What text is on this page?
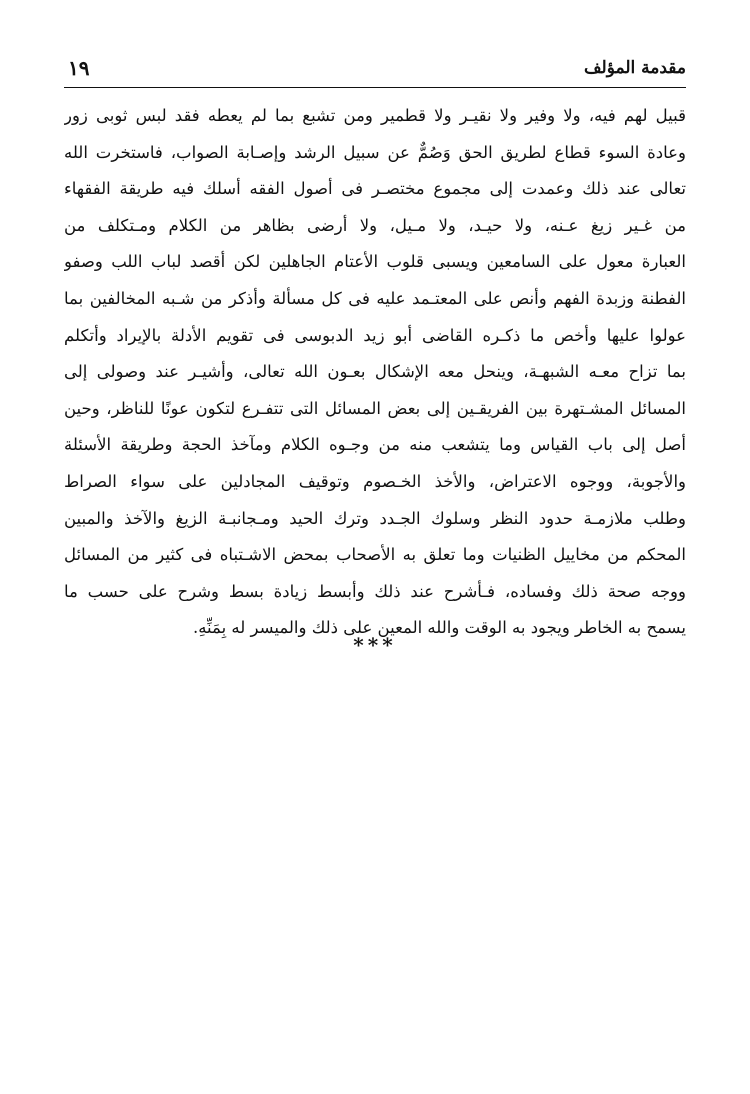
مقدمة المؤلف
١٩
قبيل لهم فيه، ولا وفير ولا نقيـر ولا قطمير ومن تشبع بما لم يعطه فقد لبس ثوبى زور
وعادة السوء قطاع لطريق الحق وَصُمٌّ عن سبيل الرشد وإصـابة الصواب، فاستخرت الله
تعالى عند ذلك وعمدت إلى مجموع مختصـر فى أصول الفقه أسلك فيه طريقة الفقهاء
من غـير زيغ عـنه، ولا حيـد، ولا مـيل، ولا أرضى بظاهر من الكلام ومـتكلف من
العبارة معول على السامعين ويسبى قلوب الأعتام الجاهلين لكن أقصد لباب اللب وصفو
الفطنة وزبدة الفهم وأنص على المعتـمد عليه فى كل مسألة وأذكر من شـبه المخالفين بما
عولوا عليها وأخص ما ذكـره القاضى أبو زيد الدبوسى فى تقويم الأدلة بالإيراد وأتكلم
بما تزاح معـه الشبهـة، وينحل معه الإشكال بعـون الله تعالى، وأشيـر عند وصولى إلى
المسائل المشـتهرة بين الفريقـين إلى بعض المسائل التى تتفـرع لتكون عونًا للناظر، وحين
أصل إلى باب القياس وما يتشعب منه من وجـوه الكلام ومآخذ الحجة وطريقة الأسئلة
والأجوبة، ووجوه الاعتراض، والأخذ الخـصوم وتوقيف المجادلين على سواء الصراط
وطلب ملازمـة حدود النظر وسلوك الجـدد وترك الحيد ومـجانبـة الزيغ والآخذ والمبين
المحكم من مخاييل الظنيات وما تعلق به الأصحاب بمحض الاشـتباه فى كثير من المسائل
ووجه صحة ذلك وفساده، فـأشرح عند ذلك وأبسط زيادة بسط وشرح على حسب ما
يسمح به الخاطر ويجود به الوقت والله المعين على ذلك والميسر له بِمَنِّهِ.
***
